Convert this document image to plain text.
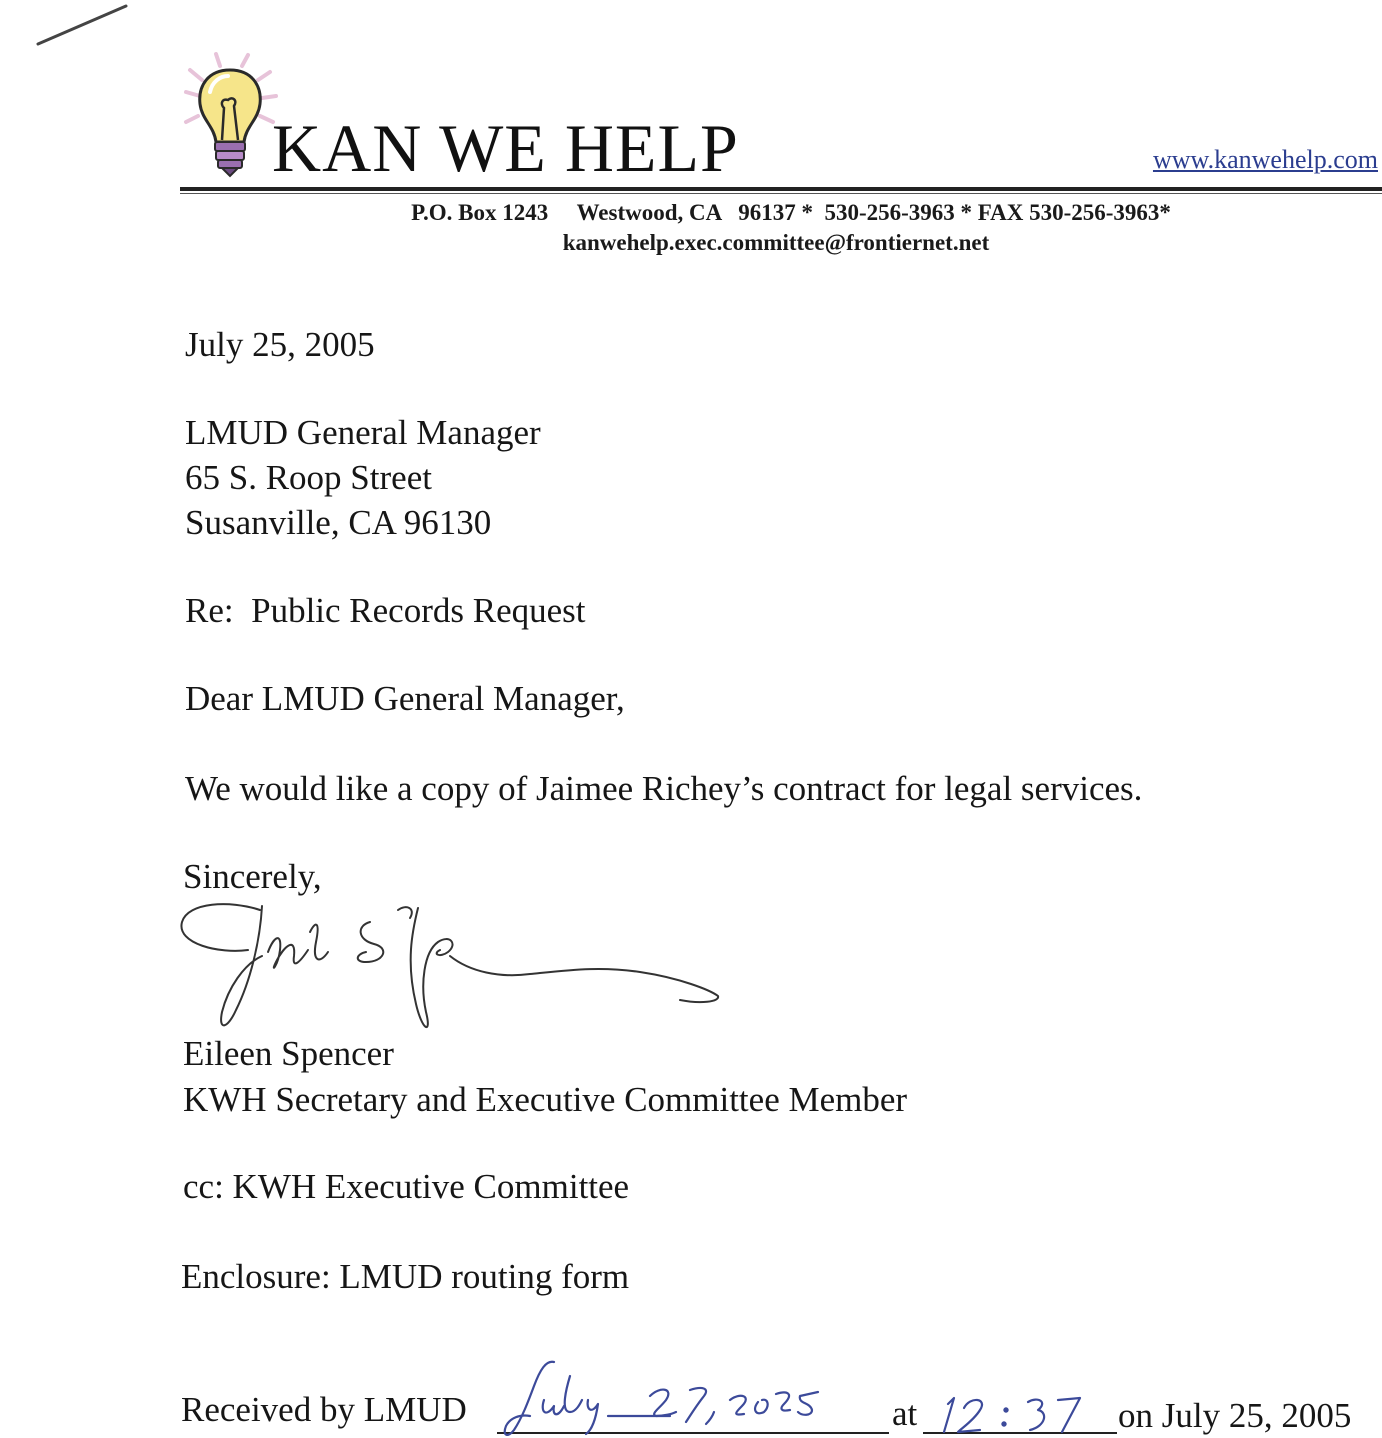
KAN WE HELP	www.kanwehelp.com
P.O. Box 1243     Westwood, CA   96137 *  530-256-3963 * FAX 530-256-3963*
kanwehelp.exec.committee@frontiernet.net
July 25, 2005
LMUD General Manager
65 S. Roop Street
Susanville, CA 96130
Re:  Public Records Request
Dear LMUD General Manager,
We would like a copy of Jaimee Richey’s contract for legal services.
Sincerely,
Eileen Spencer
KWH Secretary and Executive Committee Member
cc: KWH Executive Committee
Enclosure: LMUD routing form
Received by LMUD	at	on July 25, 2005
